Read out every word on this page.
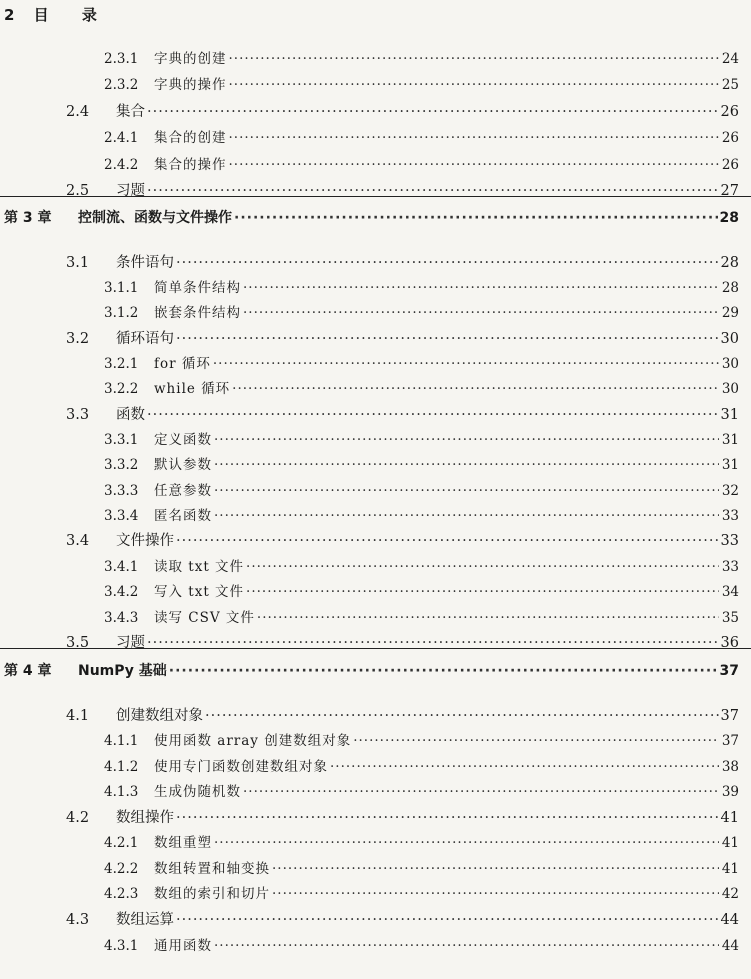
2 目 录
2.3.1	字典的创建 ·····	24
2.3.2	字典的操作 ·····	25
2.4	集合 ·····	26
2.4.1	集合的创建 ·····	26
2.4.2	集合的操作 ·····	26
2.5	习题 ·····	27
第 3 章	控制流、函数与文件操作 ·····	28
3.1	条件语句 ·····	28
3.1.1	简单条件结构 ·····	28
3.1.2	嵌套条件结构 ·····	29
3.2	循环语句 ·····	30
3.2.1	for 循环 ·····	30
3.2.2	while 循环 ·····	30
3.3	函数 ·····	31
3.3.1	定义函数 ·····	31
3.3.2	默认参数 ·····	31
3.3.3	任意参数 ·····	32
3.3.4	匿名函数 ·····	33
3.4	文件操作 ·····	33
3.4.1	读取 txt 文件 ·····	33
3.4.2	写入 txt 文件 ·····	34
3.4.3	读写 CSV 文件 ·····	35
3.5	习题 ·····	36
第 4 章	NumPy 基础 ·····	37
4.1	创建数组对象 ·····	37
4.1.1	使用函数 array 创建数组对象 ·····	37
4.1.2	使用专门函数创建数组对象 ·····	38
4.1.3	生成伪随机数 ·····	39
4.2	数组操作 ·····	41
4.2.1	数组重塑 ·····	41
4.2.2	数组转置和轴变换 ·····	41
4.2.3	数组的索引和切片 ·····	42
4.3	数组运算 ·····	44
4.3.1	通用函数 ·····	44
